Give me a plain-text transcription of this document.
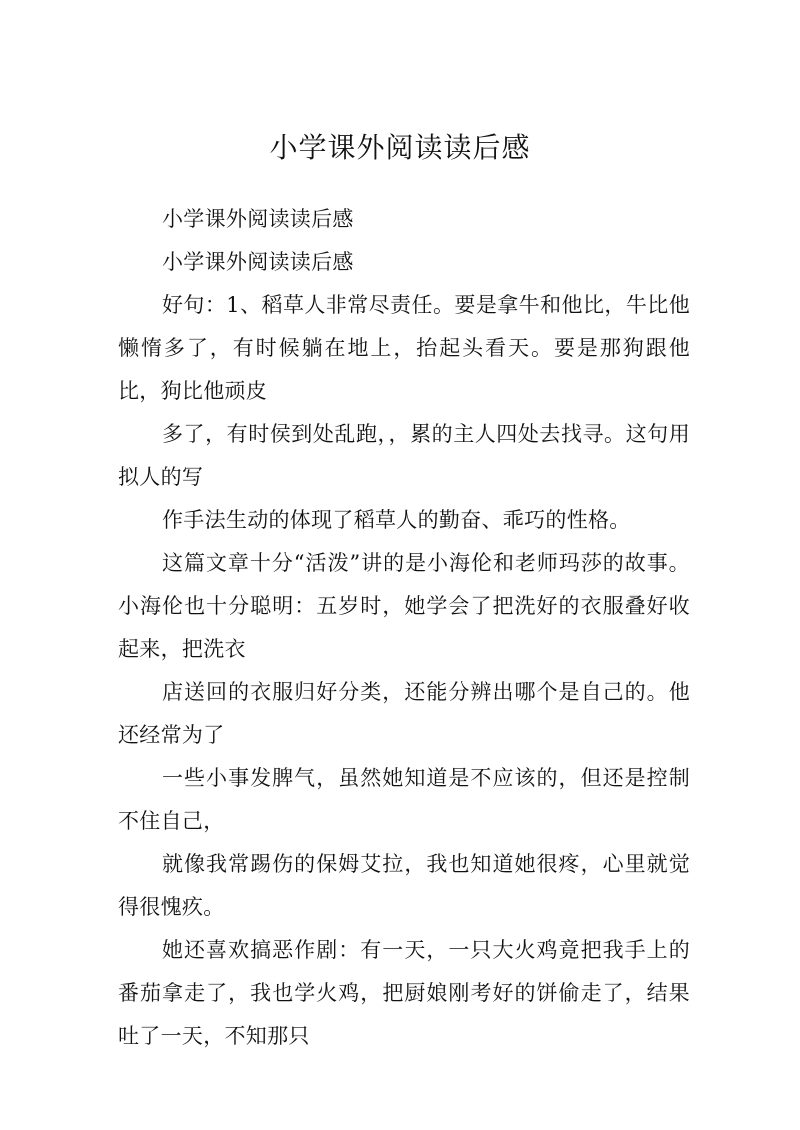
小学课外阅读读后感

小学课外阅读读后感

小学课外阅读读后感

好句：1、稻草人非常尽责任。要是拿牛和他比，牛比他懒惰多了，有时候躺在地上，抬起头看天。要是那狗跟他比，狗比他顽皮

多了，有时侯到处乱跑，，累的主人四处去找寻。这句用拟人的写

作手法生动的体现了稻草人的勤奋、乖巧的性格。

这篇文章十分“活泼”讲的是小海伦和老师玛莎的故事。小海伦也十分聪明：五岁时，她学会了把洗好的衣服叠好收起来，把洗衣

店送回的衣服归好分类，还能分辨出哪个是自己的。他还经常为了

一些小事发脾气，虽然她知道是不应该的，但还是控制不住自己，

就像我常踢伤的保姆艾拉，我也知道她很疼，心里就觉得很愧疚。

她还喜欢搞恶作剧：有一天，一只大火鸡竟把我手上的番茄拿走了，我也学火鸡，把厨娘刚考好的饼偷走了，结果吐了一天，不知那只
